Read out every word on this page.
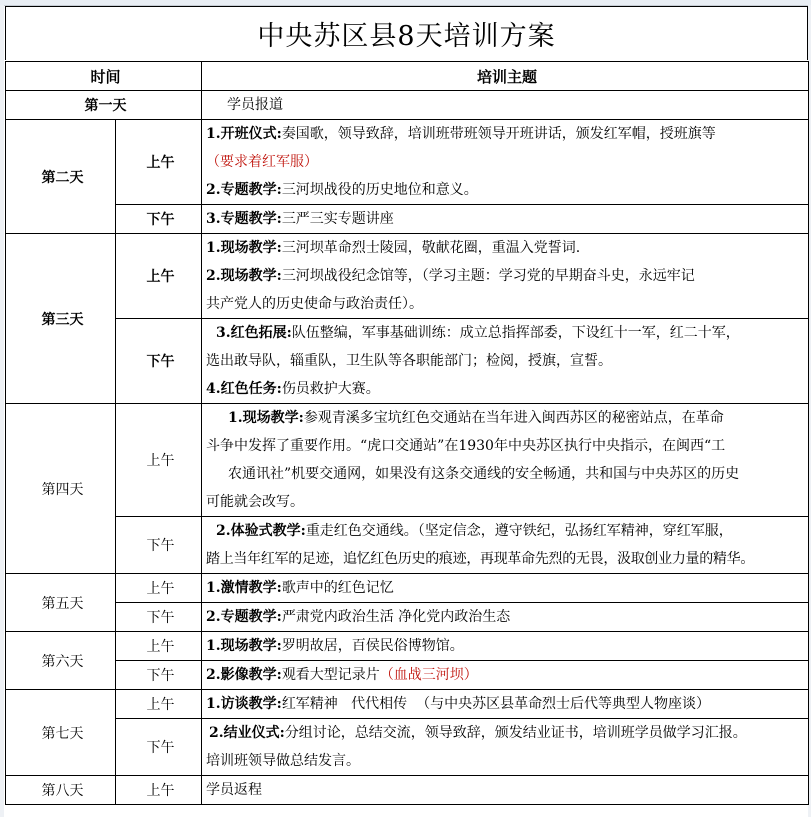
中央苏区县8天培训方案
时间		培训主题
第一天		学员报道

第二天	上午	1.开班仪式:奏国歌，领导致辞，培训班带班领导开班讲话，颁发红军帽，授班旗等
（要求着红军服）
2.专题教学:三河坝战役的历史地位和意义。

	下午	3.专题教学:三严三实专题讲座

第三天	上午	1.现场教学:三河坝革命烈士陵园，敬献花圈，重温入党誓词.
2.现场教学:三河坝战役纪念馆等，（学习主题：学习党的早期奋斗史，永远牢记
共产党人的历史使命与政治责任）。

	下午	3.红色拓展:队伍整编，军事基础训练：成立总指挥部委，下设红十一军，红二十军，
选出敢导队，辎重队，卫生队等各职能部门；检阅，授旗，宣誓。
4.红色任务:伤员救护大赛。

第四天	上午	1.现场教学:参观青溪多宝坑红色交通站在当年进入闽西苏区的秘密站点，在革命
斗争中发挥了重要作用。“虎口交通站”在1930年中央苏区执行中央指示，在闽西“工
农通讯社”机要交通网，如果没有这条交通线的安全畅通，共和国与中央苏区的历史
可能就会改写。

	下午	2.体验式教学:重走红色交通线。（坚定信念，遵守铁纪，弘扬红军精神，穿红军服，
踏上当年红军的足迹，追忆红色历史的痕迹，再现革命先烈的无畏，汲取创业力量的精华。

第五天	上午	1.激情教学:歌声中的红色记忆

	下午	2.专题教学:严肃党内政治生活 净化党内政治生态

第六天	上午	1.现场教学:罗明故居，百侯民俗博物馆。

	下午	2.影像教学:观看大型记录片（血战三河坝）

第七天	上午	1.访谈教学:红军精神   代代相传  （与中央苏区县革命烈士后代等典型人物座谈）

	下午	2.结业仪式:分组讨论，总结交流，领导致辞，颁发结业证书，培训班学员做学习汇报。
培训班领导做总结发言。

第八天	上午	学员返程
